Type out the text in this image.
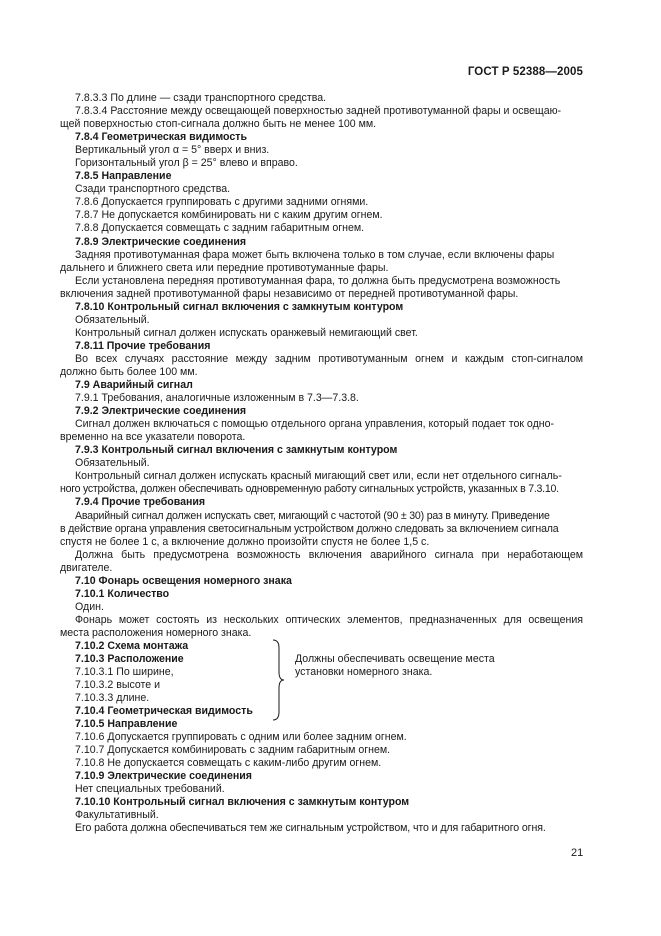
ГОСТ Р 52388—2005

7.8.3.3 По длине — сзади транспортного средства.

7.8.3.4 Расстояние между освещающей поверхностью задней противотуманной фары и освещаю-

щей поверхностью стоп-сигнала должно быть не менее 100 мм.

7.8.4 Геометрическая видимость

Вертикальный угол α = 5° вверх и вниз.

Горизонтальный угол β = 25° влево и вправо.

7.8.5 Направление

Сзади транспортного средства.

7.8.6 Допускается группировать с другими задними огнями.

7.8.7 Не допускается комбинировать ни с каким другим огнем.

7.8.8 Допускается совмещать с задним габаритным огнем.

7.8.9 Электрические соединения

Задняя противотуманная фара может быть включена только в том случае, если включены фары

дальнего и ближнего света или передние противотуманные фары.

Если установлена передняя противотуманная фара, то должна быть предусмотрена возможность

включения задней противотуманной фары независимо от передней противотуманной фары.

7.8.10 Контрольный сигнал включения с замкнутым контуром

Обязательный.

Контрольный сигнал должен испускать оранжевый немигающий свет.

7.8.11 Прочие требования

Во всех случаях расстояние между задним противотуманным огнем и каждым стоп-сигналом

должно быть более 100 мм.

7.9 Аварийный сигнал

7.9.1 Требования, аналогичные изложенным в 7.3—7.3.8.

7.9.2 Электрические соединения

Сигнал должен включаться с помощью отдельного органа управления, который подает ток одно-

временно на все указатели поворота.

7.9.3 Контрольный сигнал включения с замкнутым контуром

Обязательный.

Контрольный сигнал должен испускать красный мигающий свет или, если нет отдельного сигналь-

ного устройства, должен обеспечивать одновременную работу сигнальных устройств, указанных в 7.3.10.

7.9.4 Прочие требования

Аварийный сигнал должен испускать свет, мигающий с частотой (90 ± 30) раз в минуту. Приведение

в действие органа управления светосигнальным устройством должно следовать за включением сигнала

спустя не более 1 с, а включение должно произойти спустя не более 1,5 с.

Должна быть предусмотрена возможность включения аварийного сигнала при неработающем

двигателе.

7.10 Фонарь освещения номерного знака

7.10.1 Количество

Один.

Фонарь может состоять из нескольких оптических элементов, предназначенных для освещения

места расположения номерного знака.

7.10.2 Схема монтажа

7.10.3 Расположение

7.10.3.1 По ширине,

7.10.3.2 высоте и

7.10.3.3 длине.

7.10.4 Геометрическая видимость

Должны обеспечивать освещение места

установки номерного знака.

7.10.5 Направление

7.10.6 Допускается группировать с одним или более задним огнем.

7.10.7 Допускается комбинировать с задним габаритным огнем.

7.10.8 Не допускается совмещать с каким-либо другим огнем.

7.10.9 Электрические соединения

Нет специальных требований.

7.10.10 Контрольный сигнал включения с замкнутым контуром

Факультативный.

Его работа должна обеспечиваться тем же сигнальным устройством, что и для габаритного огня.

21
